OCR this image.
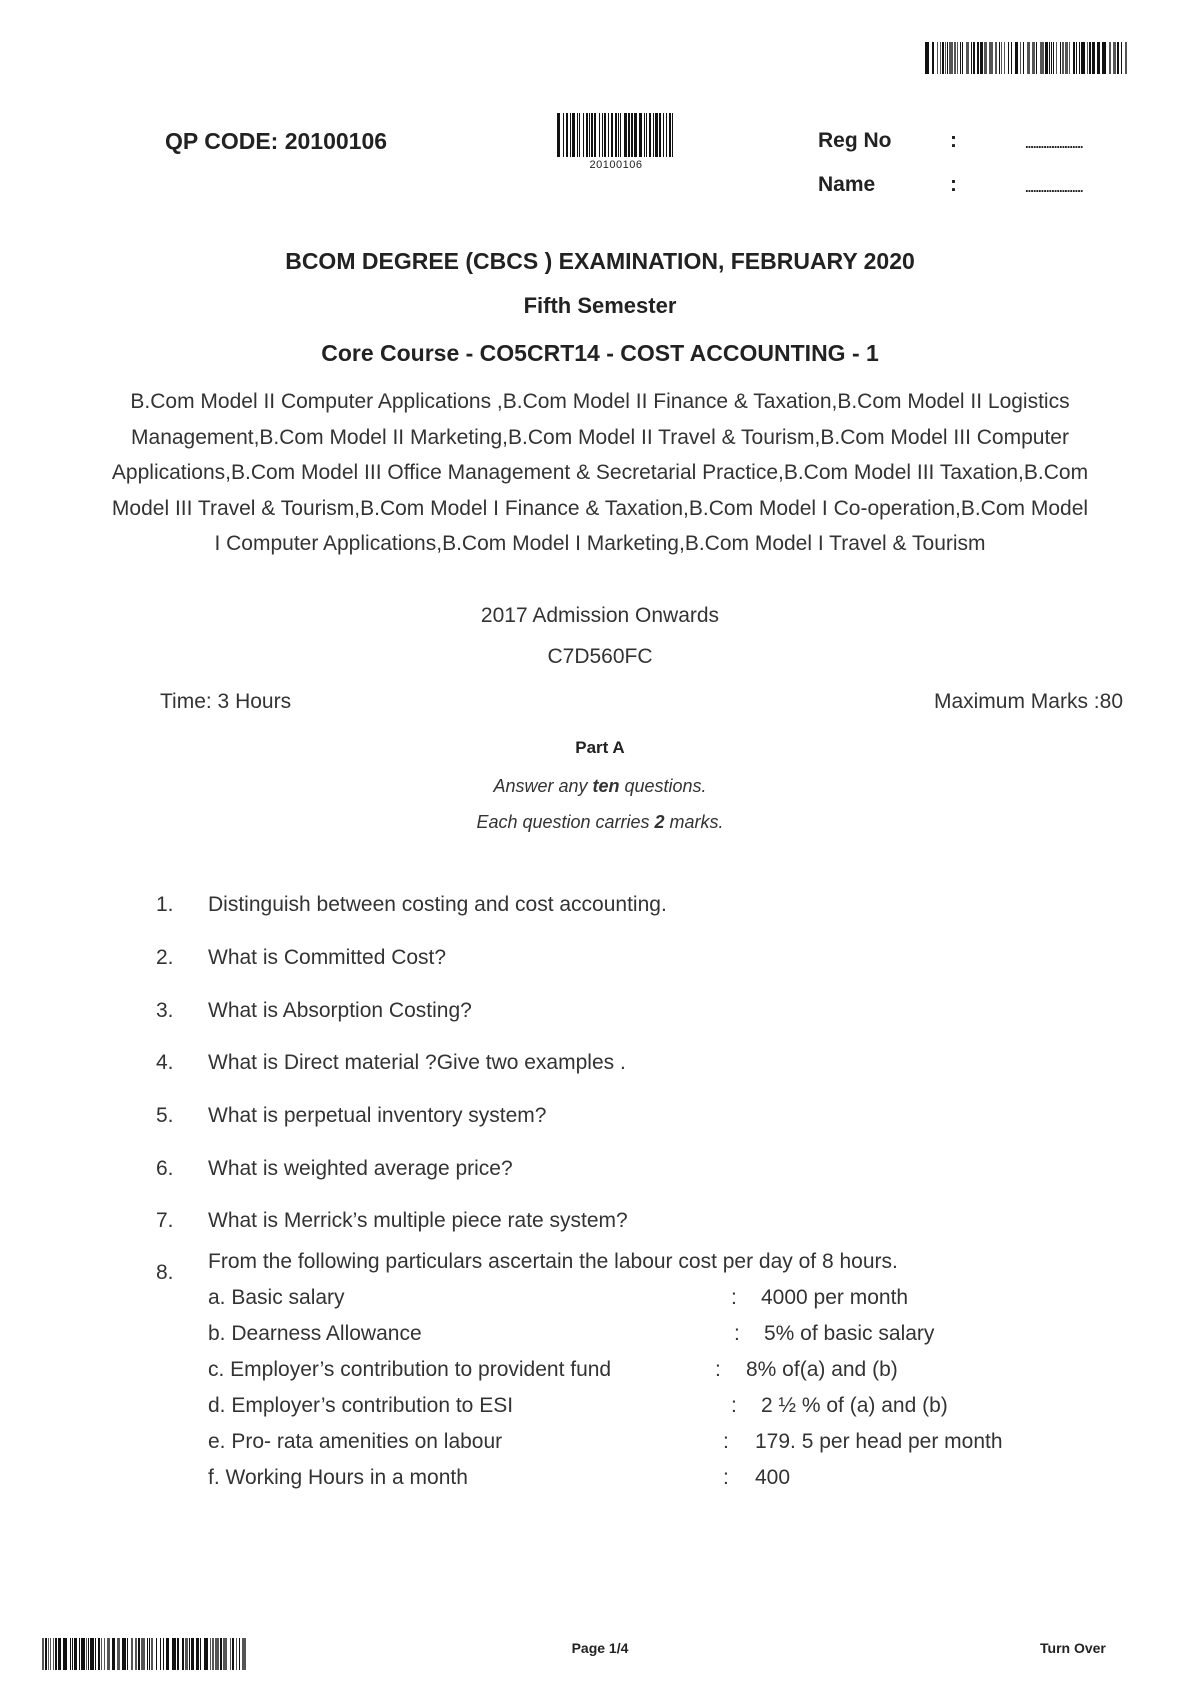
QP CODE: 20100106
20100106
Reg No	:	......................
Name	:	......................
BCOM DEGREE (CBCS ) EXAMINATION, FEBRUARY 2020
Fifth Semester
Core Course - CO5CRT14 - COST ACCOUNTING - 1
B.Com Model II Computer Applications ,B.Com Model II Finance & Taxation,B.Com Model II Logistics Management,B.Com Model II Marketing,B.Com Model II Travel & Tourism,B.Com Model III Computer Applications,B.Com Model III Office Management & Secretarial Practice,B.Com Model III Taxation,B.Com Model III Travel & Tourism,B.Com Model I Finance & Taxation,B.Com Model I Co-operation,B.Com Model I Computer Applications,B.Com Model I Marketing,B.Com Model I Travel & Tourism
2017 Admission Onwards
C7D560FC
Time: 3 Hours	Maximum Marks :80
Part A
Answer any ten questions.
Each question carries 2 marks.
1. Distinguish between costing and cost accounting.
2. What is Committed Cost?
3. What is Absorption Costing?
4. What is Direct material ?Give two examples .
5. What is perpetual inventory system?
6. What is weighted average price?
7. What is Merrick’s multiple piece rate system?
8. From the following particulars ascertain the labour cost per day of 8 hours.
a. Basic salary	: 4000 per month
b. Dearness Allowance	: 5% of basic salary
c. Employer’s contribution to provident fund	: 8% of(a) and (b)
d. Employer’s contribution to ESI	: 2 ½ % of (a) and (b)
e. Pro- rata amenities on labour	: 179. 5 per head per month
f. Working Hours in a month	: 400
Page 1/4	Turn Over
